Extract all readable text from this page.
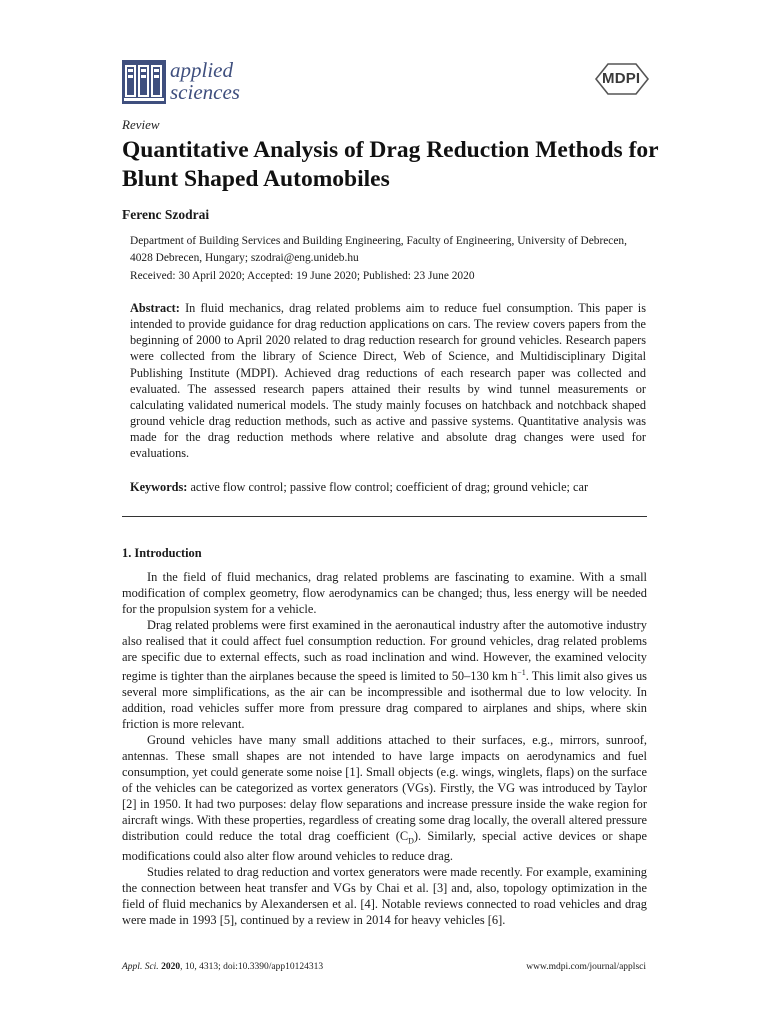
applied
sciences
MDPI
Review
Quantitative Analysis of Drag Reduction Methods for Blunt Shaped Automobiles
Ferenc Szodrai
Department of Building Services and Building Engineering, Faculty of Engineering, University of Debrecen, 4028 Debrecen, Hungary; szodrai@eng.unideb.hu
Received: 30 April 2020; Accepted: 19 June 2020; Published: 23 June 2020
Abstract: In fluid mechanics, drag related problems aim to reduce fuel consumption. This paper is intended to provide guidance for drag reduction applications on cars. The review covers papers from the beginning of 2000 to April 2020 related to drag reduction research for ground vehicles. Research papers were collected from the library of Science Direct, Web of Science, and Multidisciplinary Digital Publishing Institute (MDPI). Achieved drag reductions of each research paper was collected and evaluated. The assessed research papers attained their results by wind tunnel measurements or calculating validated numerical models. The study mainly focuses on hatchback and notchback shaped ground vehicle drag reduction methods, such as active and passive systems. Quantitative analysis was made for the drag reduction methods where relative and absolute drag changes were used for evaluations.
Keywords: active flow control; passive flow control; coefficient of drag; ground vehicle; car
1. Introduction

In the field of fluid mechanics, drag related problems are fascinating to examine. With a small modification of complex geometry, flow aerodynamics can be changed; thus, less energy will be needed for the propulsion system for a vehicle.

Drag related problems were first examined in the aeronautical industry after the automotive industry also realised that it could affect fuel consumption reduction. For ground vehicles, drag related problems are specific due to external effects, such as road inclination and wind. However, the examined velocity regime is tighter than the airplanes because the speed is limited to 50–130 km $h^{-1}$. This limit also gives us several more simplifications, as the air can be incompressible and isothermal due to low velocity. In addition, road vehicles suffer more from pressure drag compared to airplanes and ships, where skin friction is more relevant.

Ground vehicles have many small additions attached to their surfaces, e.g., mirrors, sunroof, antennas. These small shapes are not intended to have large impacts on aerodynamics and fuel consumption, yet could generate some noise [1]. Small objects (e.g. wings, winglets, flaps) on the surface of the vehicles can be categorized as vortex generators (VGs). Firstly, the VG was introduced by Taylor [2] in 1950. It had two purposes: delay flow separations and increase pressure inside the wake region for aircraft wings. With these properties, regardless of creating some drag locally, the overall altered pressure distribution could reduce the total drag coefficient $(C_D)$. Similarly, special active devices or shape modifications could also alter flow around vehicles to reduce drag.

Studies related to drag reduction and vortex generators were made recently. For example, examining the connection between heat transfer and VGs by Chai et al. [3] and, also, topology optimization in the field of fluid mechanics by Alexandersen et al. [4]. Notable reviews connected to road vehicles and drag were made in 1993 [5], continued by a review in 2014 for heavy vehicles [6].

Appl. Sci. 2020, 10, 4313; doi:10.3390/app10124313	www.mdpi.com/journal/applsci
